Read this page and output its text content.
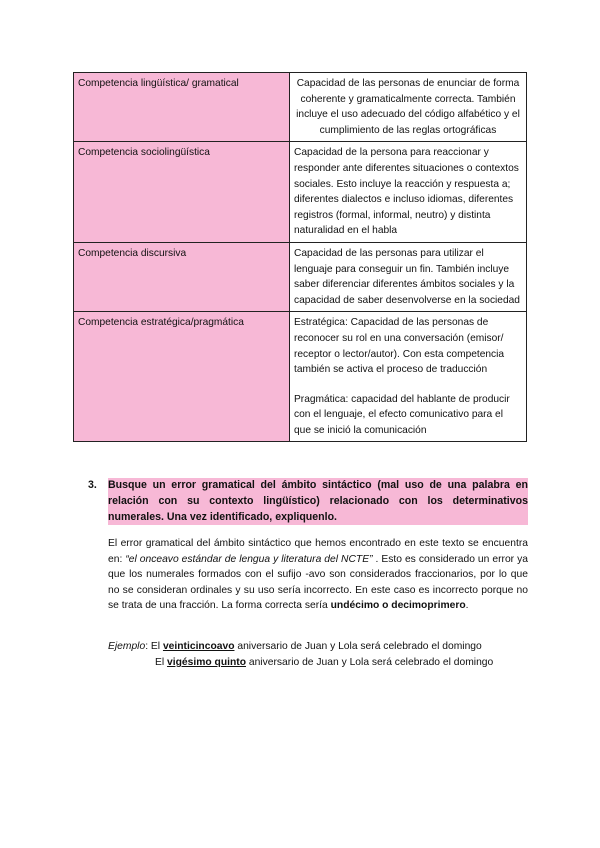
Competencia lingüística/ gramatical	Capacidad de las personas de enunciar de forma coherente y gramaticalmente correcta. También incluye el uso adecuado del código alfabético y el cumplimiento de las reglas ortográficas
Competencia sociolingüística	Capacidad de la persona para reaccionar y responder ante diferentes situaciones o contextos sociales. Esto incluye la reacción y respuesta a; diferentes dialectos e incluso idiomas, diferentes registros (formal, informal, neutro) y distinta naturalidad en el habla
Competencia discursiva	Capacidad de las personas para utilizar el lenguaje para conseguir un fin. También incluye saber diferenciar diferentes ámbitos sociales y la capacidad de saber desenvolverse en la sociedad
Competencia estratégica/pragmática	Estratégica: Capacidad de las personas de reconocer su rol en una conversación (emisor/ receptor o lector/autor). Con esta competencia también se activa el proceso de traducción

Pragmática: capacidad del hablante de producir con el lenguaje, el efecto comunicativo para el que se inició la comunicación

3.	Busque un error gramatical del ámbito sintáctico (mal uso de una palabra en relación con su contexto lingüístico) relacionado con los determinativos numerales. Una vez identificado, expliquenlo.

El error gramatical del ámbito sintáctico que hemos encontrado en este texto se encuentra en: “el onceavo estándar de lengua y literatura del NCTE” . Esto es considerado un error ya que los numerales formados con el sufijo -avo son considerados fraccionarios, por lo que no se consideran ordinales y su uso sería incorrecto. En este caso es incorrecto porque no se trata de una fracción. La forma correcta sería undécimo o decimoprimero.

Ejemplo: El veinticincoavo aniversario de Juan y Lola será celebrado el domingo
El vigésimo quinto aniversario de Juan y Lola será celebrado el domingo
